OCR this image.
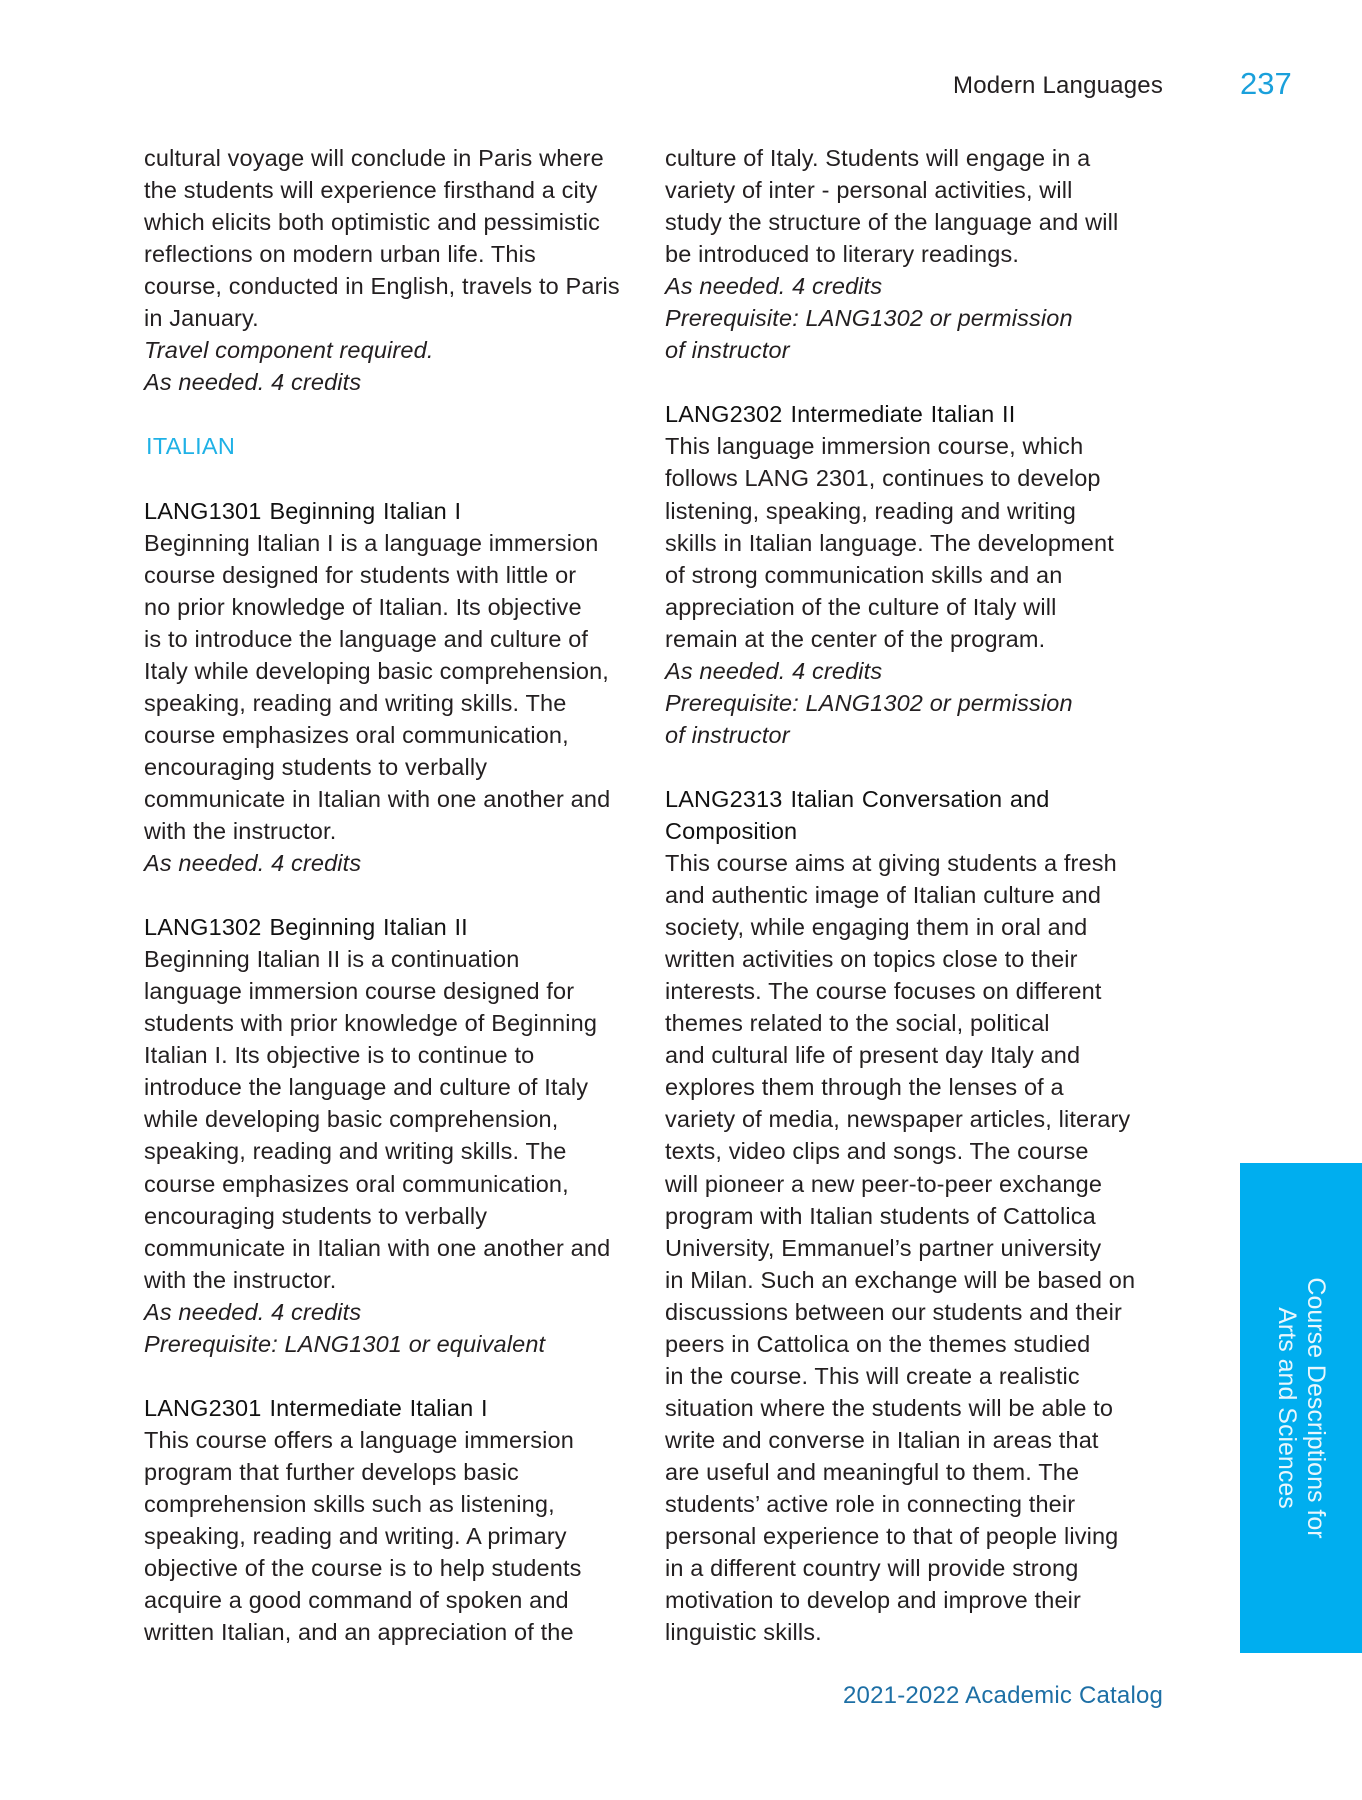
Modern Languages 237

cultural voyage will conclude in Paris where

the students will experience firsthand a city

which elicits both optimistic and pessimistic

reflections on modern urban life. This

course, conducted in English, travels to Paris

in January.

Travel component required.

As needed. 4 credits

ITALIAN

LANG1301 Beginning Italian I

Beginning Italian I is a language immersion

course designed for students with little or

no prior knowledge of Italian. Its objective

is to introduce the language and culture of

Italy while developing basic comprehension,

speaking, reading and writing skills. The

course emphasizes oral communication,

encouraging students to verbally

communicate in Italian with one another and

with the instructor.

As needed. 4 credits

LANG1302 Beginning Italian II

Beginning Italian II is a continuation

language immersion course designed for

students with prior knowledge of Beginning

Italian I. Its objective is to continue to

introduce the language and culture of Italy

while developing basic comprehension,

speaking, reading and writing skills. The

course emphasizes oral communication,

encouraging students to verbally

communicate in Italian with one another and

with the instructor.

As needed. 4 credits

Prerequisite: LANG1301 or equivalent

LANG2301 Intermediate Italian I

This course offers a language immersion

program that further develops basic

comprehension skills such as listening,

speaking, reading and writing. A primary

objective of the course is to help students

acquire a good command of spoken and

written Italian, and an appreciation of the

culture of Italy. Students will engage in a

variety of inter - personal activities, will

study the structure of the language and will

be introduced to literary readings.

As needed. 4 credits

Prerequisite: LANG1302 or permission

of instructor

LANG2302 Intermediate Italian II

This language immersion course, which

follows LANG 2301, continues to develop

listening, speaking, reading and writing

skills in Italian language. The development

of strong communication skills and an

appreciation of the culture of Italy will

remain at the center of the program.

As needed. 4 credits

Prerequisite: LANG1302 or permission

of instructor

LANG2313 Italian Conversation and

Composition

This course aims at giving students a fresh

and authentic image of Italian culture and

society, while engaging them in oral and

written activities on topics close to their

interests. The course focuses on different

themes related to the social, political

and cultural life of present day Italy and

explores them through the lenses of a

variety of media, newspaper articles, literary

texts, video clips and songs. The course

will pioneer a new peer-to-peer exchange

program with Italian students of Cattolica

University, Emmanuel’s partner university

in Milan. Such an exchange will be based on

discussions between our students and their

peers in Cattolica on the themes studied

in the course. This will create a realistic

situation where the students will be able to

write and converse in Italian in areas that

are useful and meaningful to them. The

students’ active role in connecting their

personal experience to that of people living

in a different country will provide strong

motivation to develop and improve their

linguistic skills.

Course Descriptions for
Arts and Sciences
2021-2022 Academic Catalog
